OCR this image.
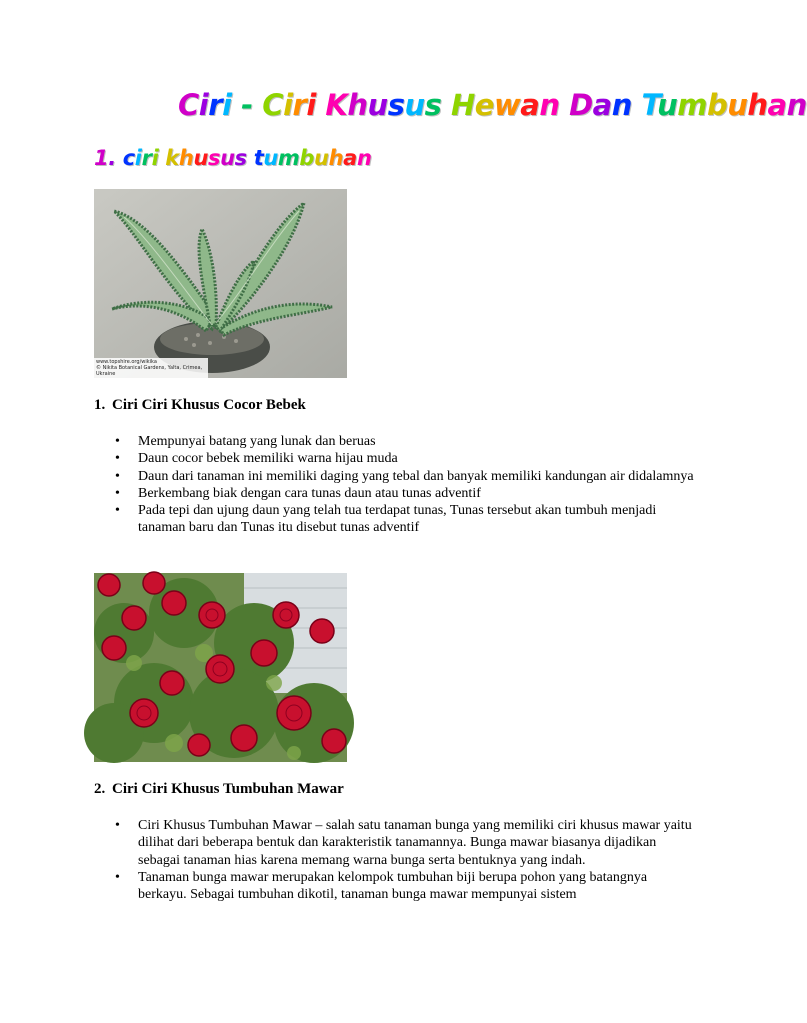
Ciri - Ciri Khusus Hewan Dan Tumbuhan
1. ciri khusus tumbuhan
www.topshire.org/wikika
© Nikita Botanical Gardens, Yalta, Crimea, Ukraine
1. Ciri Ciri Khusus Cocor Bebek
• Mempunyai batang yang lunak dan beruas
• Daun cocor bebek memiliki warna hijau muda
• Daun dari tanaman ini memiliki daging yang tebal dan banyak memiliki kandungan air didalamnya
• Berkembang biak dengan cara tunas daun atau tunas adventif
• Pada tepi dan ujung daun yang telah tua terdapat tunas, Tunas tersebut akan tumbuh menjadi tanaman baru dan Tunas itu disebut tunas adventif
2. Ciri Ciri Khusus Tumbuhan Mawar
• Ciri Khusus Tumbuhan Mawar – salah satu tanaman bunga yang memiliki ciri khusus mawar yaitu dilihat dari beberapa bentuk dan karakteristik tanamannya. Bunga mawar biasanya dijadikan sebagai tanaman hias karena memang warna bunga serta bentuknya yang indah.
• Tanaman bunga mawar merupakan kelompok tumbuhan biji berupa pohon yang batangnya berkayu. Sebagai tumbuhan dikotil, tanaman bunga mawar mempunyai sistem
